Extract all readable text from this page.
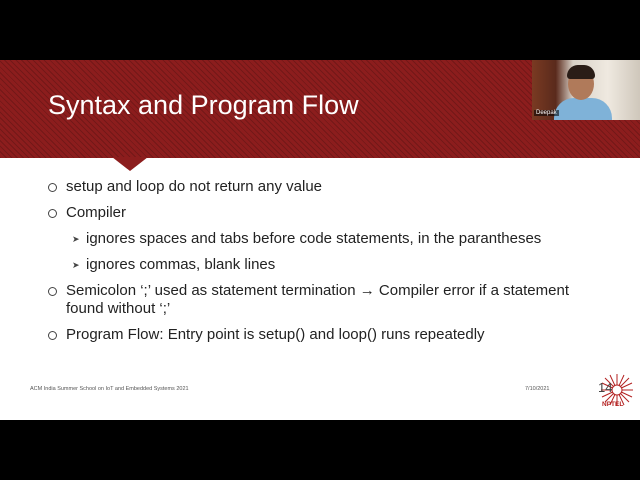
Syntax and Program Flow	Deepak
setup and loop do not return any value
Compiler
➤ ignores spaces and tabs before code statements, in the parantheses
➤ ignores commas, blank lines
Semicolon ‘;’ used as statement termination → Compiler error if a statement found without ‘;’
Program Flow: Entry point is setup() and loop() runs repeatedly
ACM India Summer School on IoT and Embedded Systems 2021	7/10/2021	14
NPTEL
